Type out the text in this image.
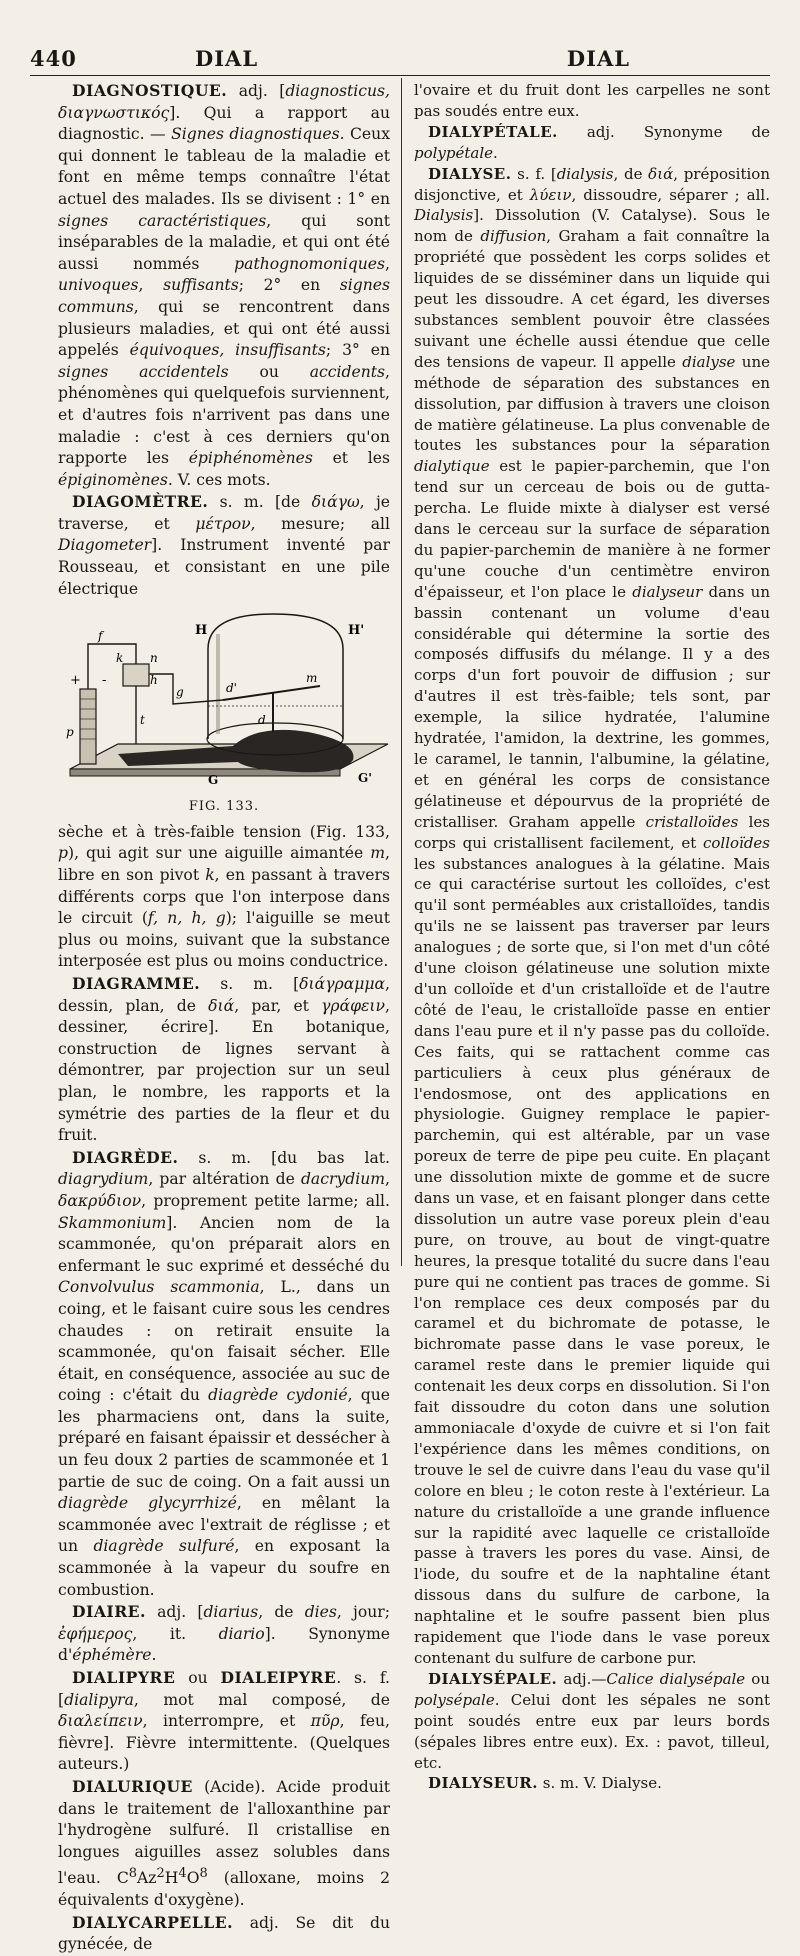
440	DIAL	DIAL

DIAGNOSTIQUE. adj. [diagnosticus, διαγνωστικός]. Qui a rapport au diagnostic. — Signes diagnostiques. Ceux qui donnent le tableau de la maladie et font en même temps connaître l'état actuel des malades. Ils se divisent : 1° en signes caractéristiques, qui sont inséparables de la maladie, et qui ont été aussi nommés pathognomoniques, univoques, suffisants; 2° en signes communs, qui se rencontrent dans plusieurs maladies, et qui ont été aussi appelés équivoques, insuffisants; 3° en signes accidentels ou accidents, phénomènes qui quelquefois surviennent, et d'autres fois n'arrivent pas dans une maladie : c'est à ces derniers qu'on rapporte les épiphénomènes et les épiginomènes. V. ces mots.

DIAGOMÈTRE. s. m. [de διάγω, je traverse, et μέτρον, mesure; all Diagometer]. Instrument inventé par Rousseau, et consistant en une pile électrique

H	H'
f
n
h
k
g	d'
d
m
p
t
+ -
G	G'
FIG. 133.

sèche et à très-faible tension (Fig. 133, p), qui agit sur une aiguille aimantée m, libre en son pivot k, en passant à travers différents corps que l'on interpose dans le circuit (f, n, h, g); l'aiguille se meut plus ou moins, suivant que la substance interposée est plus ou moins conductrice.

DIAGRAMME. s. m. [διάγραμμα, dessin, plan, de διά, par, et γράφειν, dessiner, écrire]. En botanique, construction de lignes servant à démontrer, par projection sur un seul plan, le nombre, les rapports et la symétrie des parties de la fleur et du fruit.

DIAGRÈDE. s. m. [du bas lat. diagrydium, par altération de dacrydium, δακρύδιον, proprement petite larme; all. Skammonium]. Ancien nom de la scammonée, qu'on préparait alors en enfermant le suc exprimé et desséché du Convolvulus scammonia, L., dans un coing, et le faisant cuire sous les cendres chaudes : on retirait ensuite la scammonée, qu'on faisait sécher. Elle était, en conséquence, associée au suc de coing : c'était du diagrède cydonié, que les pharmaciens ont, dans la suite, préparé en faisant épaissir et dessécher à un feu doux 2 parties de scammonée et 1 partie de suc de coing. On a fait aussi un diagrède glycyrrhizé, en mêlant la scammonée avec l'extrait de réglisse ; et un diagrède sulfuré, en exposant la scammonée à la vapeur du soufre en combustion.

DIAIRE. adj. [diarius, de dies, jour; ἐφήμερος, it. diario]. Synonyme d'éphémère.

DIALIPYRE ou DIALEIPYRE. s. f. [dialipyra, mot mal composé, de διαλείπειν, interrompre, et πῦρ, feu, fièvre]. Fièvre intermittente. (Quelques auteurs.)

DIALURIQUE (Acide). Acide produit dans le traitement de l'alloxanthine par l'hydrogène sulfuré. Il cristallise en longues aiguilles assez solubles dans l'eau. $C^8Az^2H^4O^8$ (alloxane, moins 2 équivalents d'oxygène).

DIALYCARPELLE. adj. Se dit du gynécée, de

l'ovaire et du fruit dont les carpelles ne sont pas soudés entre eux.

DIALYPÉTALE. adj. Synonyme de polypétale.

DIALYSE. s. f. [dialysis, de διά, préposition disjonctive, et λύειν, dissoudre, séparer ; all. Dialysis]. Dissolution (V. Catalyse). Sous le nom de diffusion, Graham a fait connaître la propriété que possèdent les corps solides et liquides de se disséminer dans un liquide qui peut les dissoudre. A cet égard, les diverses substances semblent pouvoir être classées suivant une échelle aussi étendue que celle des tensions de vapeur. Il appelle dialyse une méthode de séparation des substances en dissolution, par diffusion à travers une cloison de matière gélatineuse. La plus convenable de toutes les substances pour la séparation dialytique est le papier-parchemin, que l'on tend sur un cerceau de bois ou de gutta-percha. Le fluide mixte à dialyser est versé dans le cerceau sur la surface de séparation du papier-parchemin de manière à ne former qu'une couche d'un centimètre environ d'épaisseur, et l'on place le dialyseur dans un bassin contenant un volume d'eau considérable qui détermine la sortie des composés diffusifs du mélange. Il y a des corps d'un fort pouvoir de diffusion ; sur d'autres il est très-faible; tels sont, par exemple, la silice hydratée, l'alumine hydratée, l'amidon, la dextrine, les gommes, le caramel, le tannin, l'albumine, la gélatine, et en général les corps de consistance gélatineuse et dépourvus de la propriété de cristalliser. Graham appelle cristalloïdes les corps qui cristallisent facilement, et colloïdes les substances analogues à la gélatine. Mais ce qui caractérise surtout les colloïdes, c'est qu'il sont perméables aux cristalloïdes, tandis qu'ils ne se laissent pas traverser par leurs analogues ; de sorte que, si l'on met d'un côté d'une cloison gélatineuse une solution mixte d'un colloïde et d'un cristalloïde et de l'autre côté de l'eau, le cristalloïde passe en entier dans l'eau pure et il n'y passe pas du colloïde. Ces faits, qui se rattachent comme cas particuliers à ceux plus généraux de l'endosmose, ont des applications en physiologie. Guigney remplace le papier-parchemin, qui est altérable, par un vase poreux de terre de pipe peu cuite. En plaçant une dissolution mixte de gomme et de sucre dans un vase, et en faisant plonger dans cette dissolution un autre vase poreux plein d'eau pure, on trouve, au bout de vingt-quatre heures, la presque totalité du sucre dans l'eau pure qui ne contient pas traces de gomme. Si l'on remplace ces deux composés par du caramel et du bichromate de potasse, le bichromate passe dans le vase poreux, le caramel reste dans le premier liquide qui contenait les deux corps en dissolution. Si l'on fait dissoudre du coton dans une solution ammoniacale d'oxyde de cuivre et si l'on fait l'expérience dans les mêmes conditions, on trouve le sel de cuivre dans l'eau du vase qu'il colore en bleu ; le coton reste à l'extérieur. La nature du cristalloïde a une grande influence sur la rapidité avec laquelle ce cristalloïde passe à travers les pores du vase. Ainsi, de l'iode, du soufre et de la naphtaline étant dissous dans du sulfure de carbone, la naphtaline et le soufre passent bien plus rapidement que l'iode dans le vase poreux contenant du sulfure de carbone pur.

DIALYSÉPALE. adj.—Calice dialysépale ou polysépale. Celui dont les sépales ne sont point soudés entre eux par leurs bords (sépales libres entre eux). Ex. : pavot, tilleul, etc.

DIALYSEUR. s. m. V. Dialyse.
